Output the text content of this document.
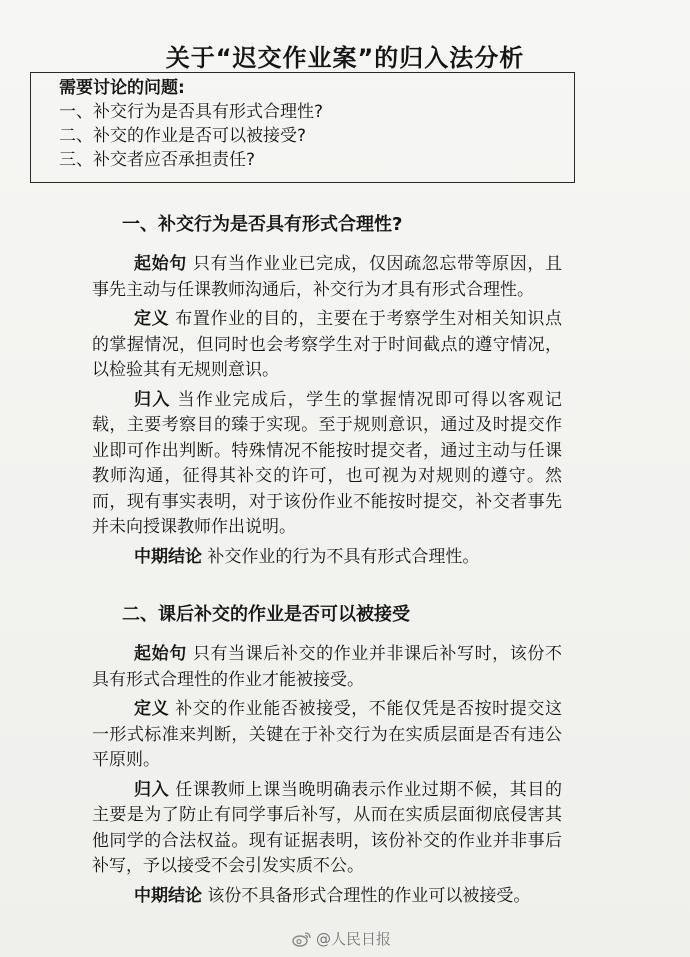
关于“迟交作业案”的归入法分析
需要讨论的问题:
一、补交行为是否具有形式合理性?
二、补交的作业是否可以被接受?
三、补交者应否承担责任?
一、补交行为是否具有形式合理性?

起始句 只有当作业业已完成，仅因疏忽忘带等原因，且事先主动与任课教师沟通后，补交行为才具有形式合理性。

定义 布置作业的目的，主要在于考察学生对相关知识点的掌握情况，但同时也会考察学生对于时间截点的遵守情况，以检验其有无规则意识。

归入 当作业完成后，学生的掌握情况即可得以客观记载，主要考察目的臻于实现。至于规则意识，通过及时提交作业即可作出判断。特殊情况不能按时提交者，通过主动与任课教师沟通，征得其补交的许可，也可视为对规则的遵守。然而，现有事实表明，对于该份作业不能按时提交，补交者事先并未向授课教师作出说明。

中期结论 补交作业的行为不具有形式合理性。

二、课后补交的作业是否可以被接受

起始句 只有当课后补交的作业并非课后补写时，该份不具有形式合理性的作业才能被接受。

定义 补交的作业能否被接受，不能仅凭是否按时提交这一形式标准来判断，关键在于补交行为在实质层面是否有违公平原则。

归入 任课教师上课当晚明确表示作业过期不候，其目的主要是为了防止有同学事后补写，从而在实质层面彻底侵害其他同学的合法权益。现有证据表明，该份补交的作业并非事后补写，予以接受不会引发实质不公。

中期结论 该份不具备形式合理性的作业可以被接受。

@人民日报
